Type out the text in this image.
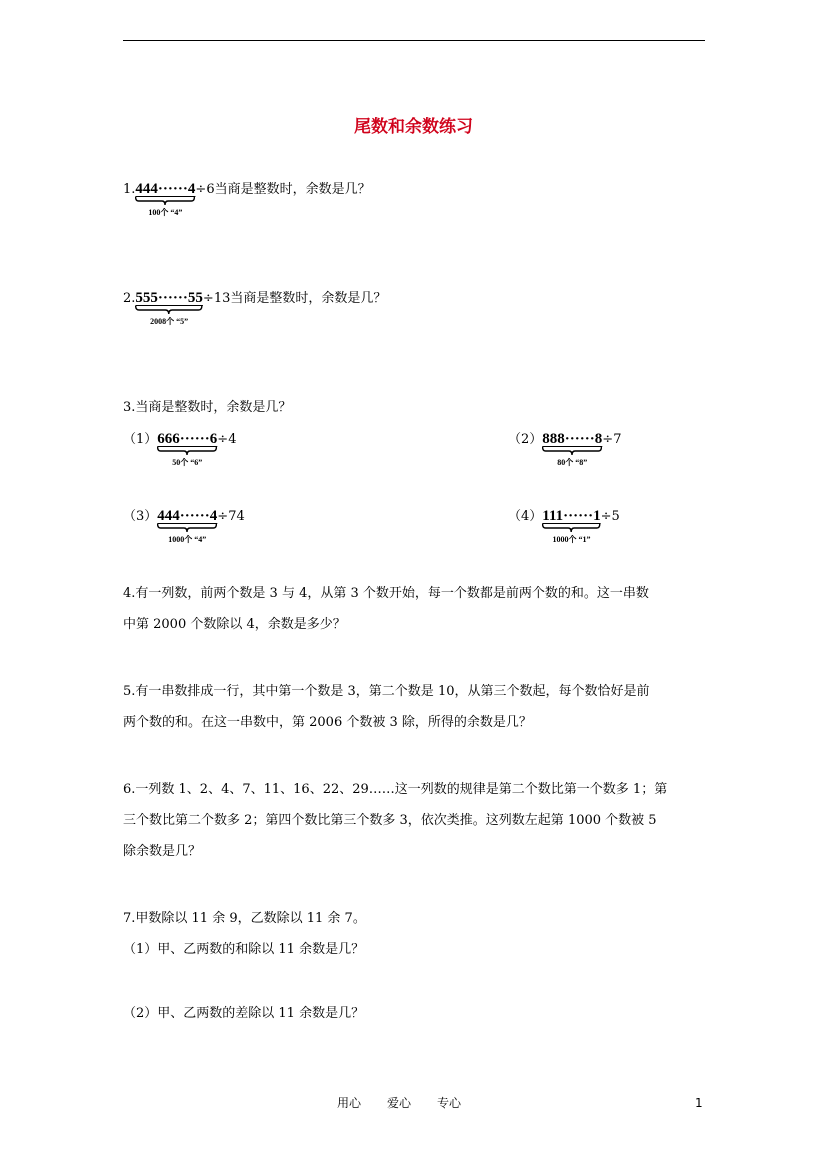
尾数和余数练习
1.444······4
100个 “4”
÷6当商是整数时，余数是几？
2.555······55
2008个 “5”
÷13当商是整数时，余数是几？
3.当商是整数时，余数是几？
（1）666······6
50个 “6”
÷4	（2）888······8
80个 “8”
÷7
（3）444······4
1000个 “4”
÷74	（4）111······1
1000个 “1”
÷5
4.有一列数，前两个数是 3 与 4，从第 3 个数开始，每一个数都是前两个数的和。这一串数
中第 2000 个数除以 4，余数是多少？
5.有一串数排成一行，其中第一个数是 3，第二个数是 10，从第三个数起，每个数恰好是前
两个数的和。在这一串数中，第 2006 个数被 3 除，所得的余数是几？
6.一列数 1、2、4、7、11、16、22、29……这一列数的规律是第二个数比第一个数多 1；第
三个数比第二个数多 2；第四个数比第三个数多 3，依次类推。这列数左起第 1000 个数被 5
除余数是几？
7.甲数除以 11 余 9，乙数除以 11 余 7。
（1）甲、乙两数的和除以 11 余数是几？
（2）甲、乙两数的差除以 11 余数是几？
用心 爱心 专心	1
